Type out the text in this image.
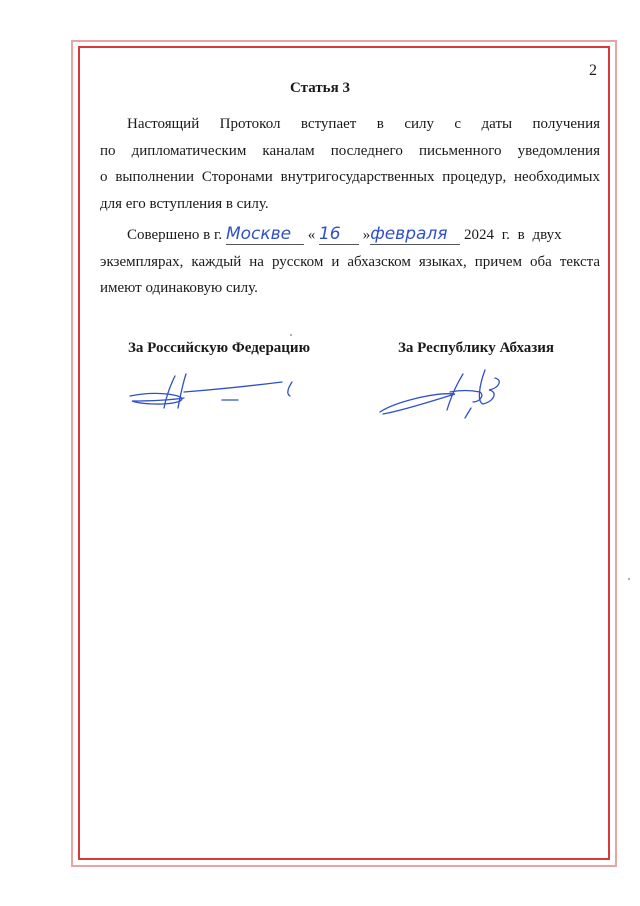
2
Статья 3
Настоящий Протокол вступает в силу с даты получения
по дипломатическим каналам последнего письменного уведомления
о выполнении Сторонами внутригосударственных процедур, необходимых
для его вступления в силу.
Совершено в г. Москве « 16 »февраля 2024 г. в двух
экземплярах, каждый на русском и абхазском языках, причем оба текста
имеют одинаковую силу.
За Российскую Федерацию	За Республику Абхазия
